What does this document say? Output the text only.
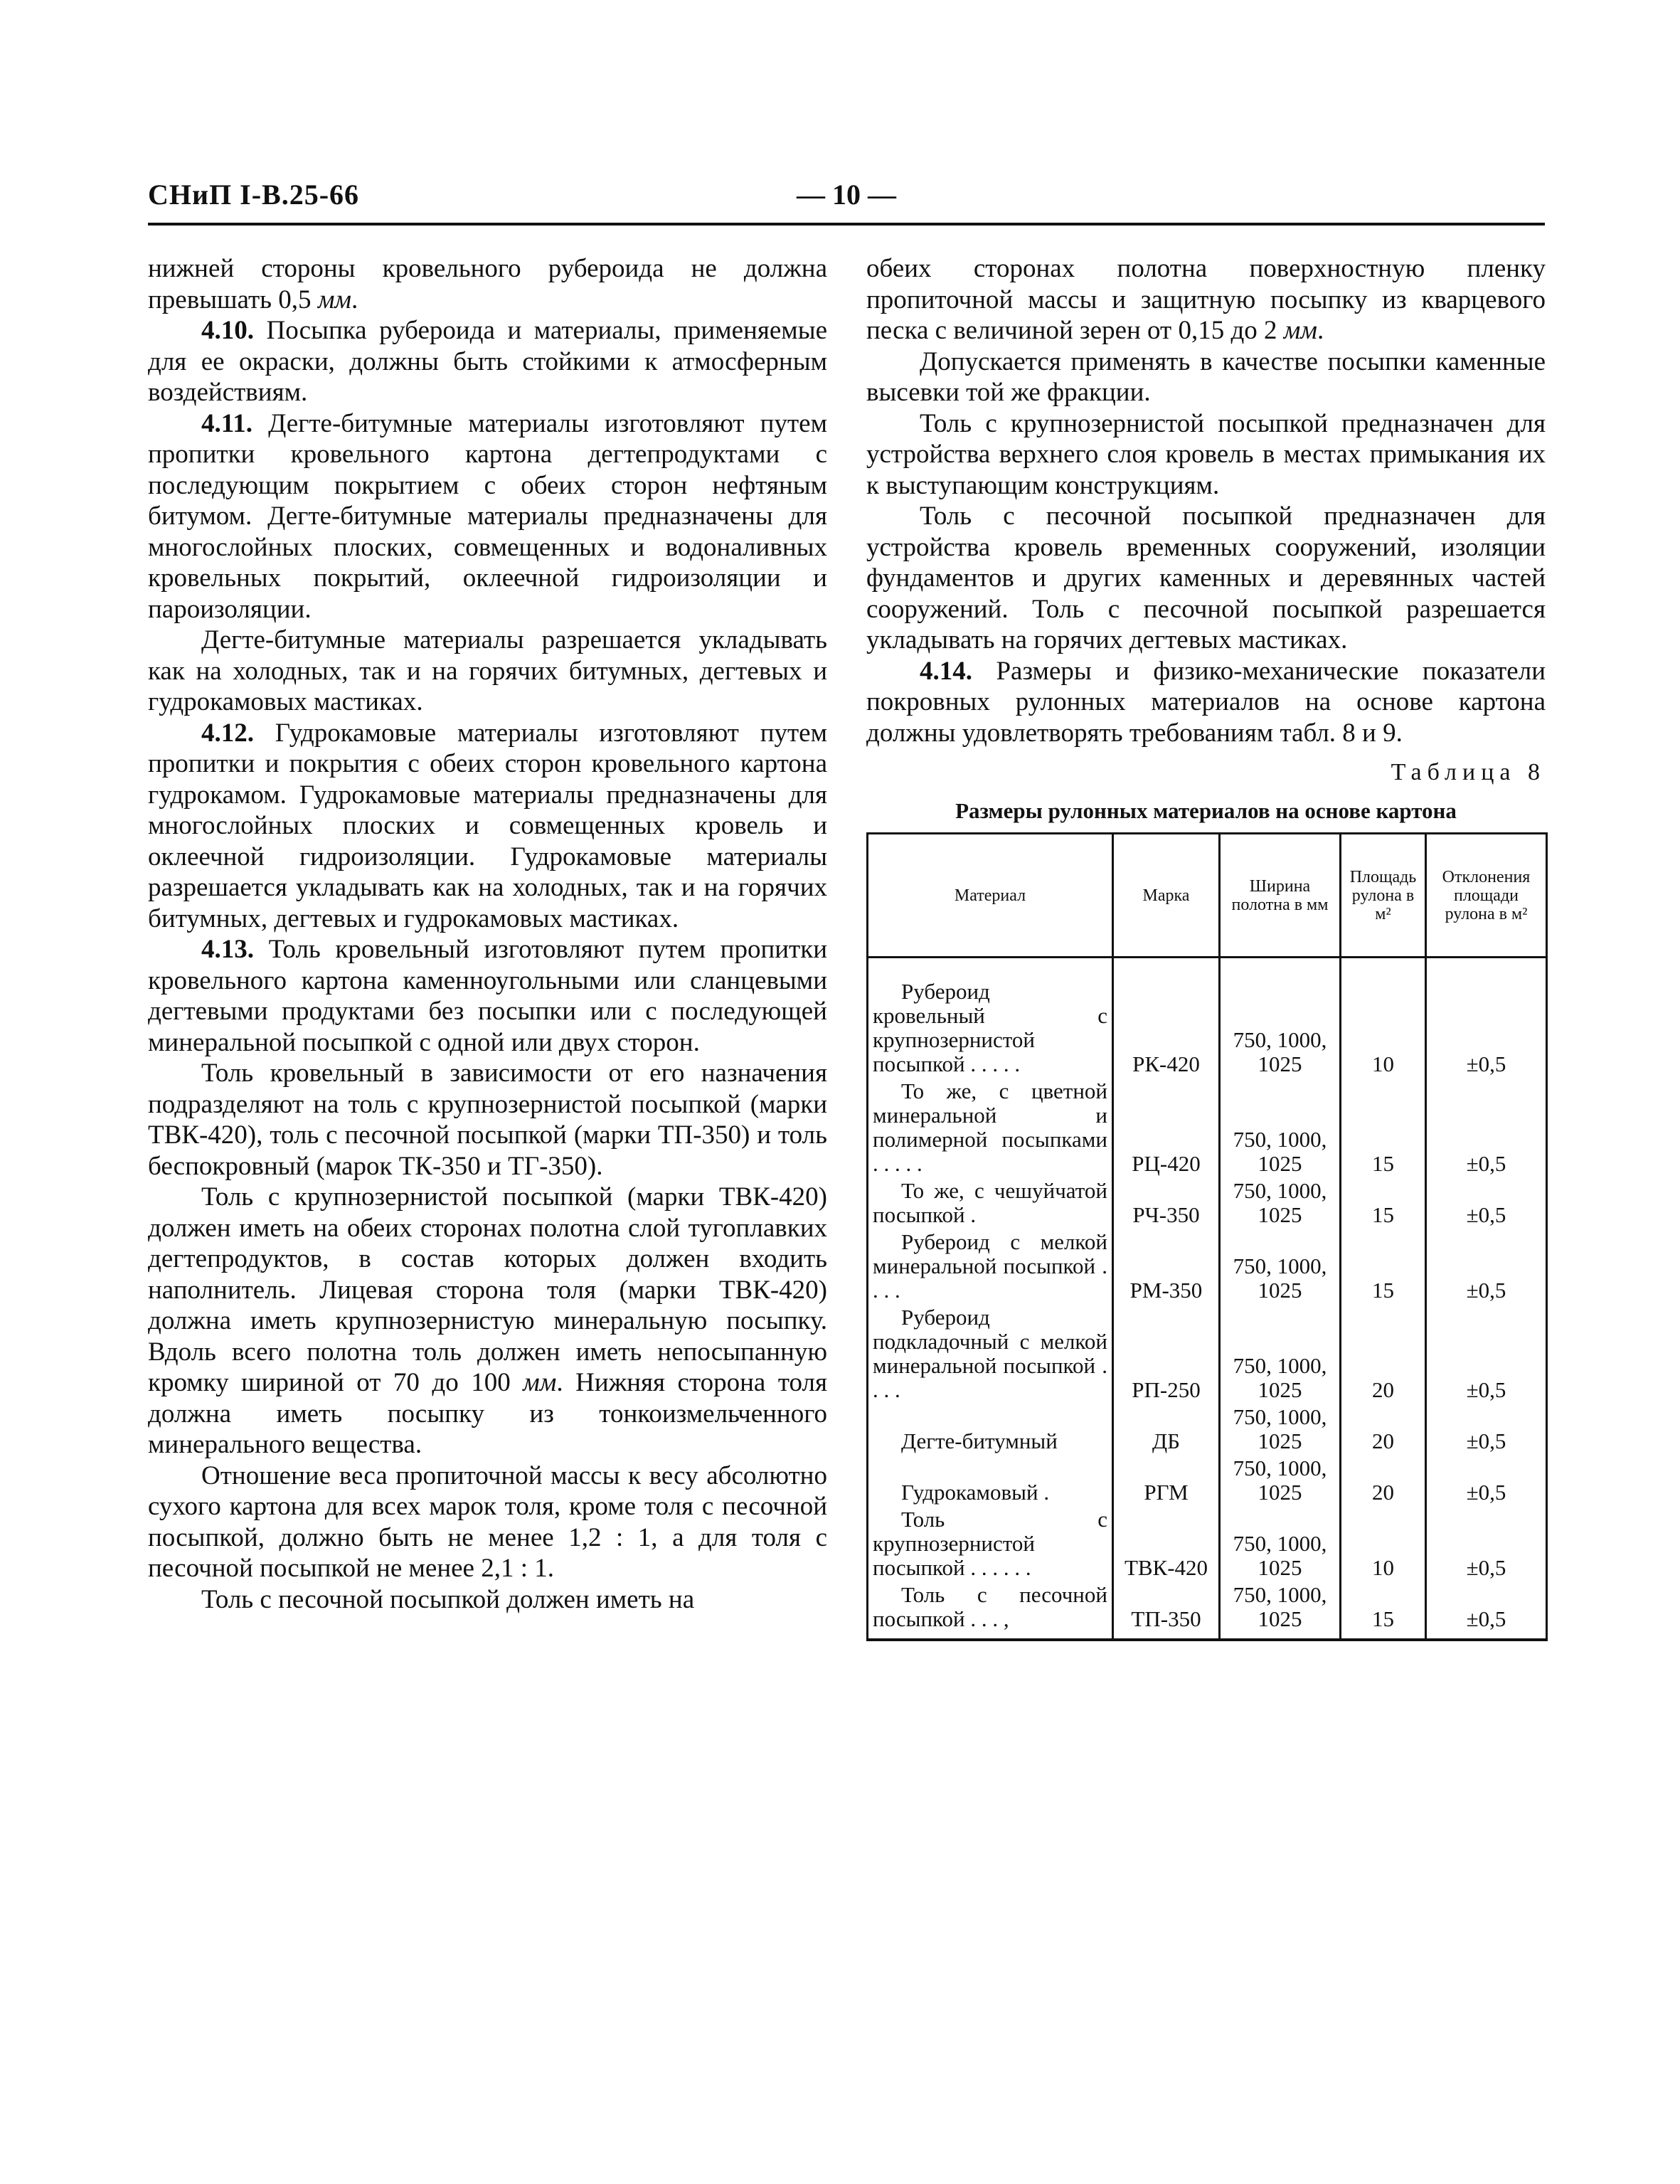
СНиП I-B.25-66	— 10 —

нижней стороны кровельного рубероида не должна превышать 0,5 мм.

4.10. Посыпка рубероида и материалы, применяемые для ее окраски, должны быть стойкими к атмосферным воздействиям.

4.11. Дегте-битумные материалы изготовляют путем пропитки кровельного картона дегтепродуктами с последующим покрытием с обеих сторон нефтяным битумом. Дегте-битумные материалы предназначены для многослойных плоских, совмещенных и водоналивных кровельных покрытий, оклеечной гидроизоляции и пароизоляции.

Дегте-битумные материалы разрешается укладывать как на холодных, так и на горячих битумных, дегтевых и гудрокамовых мастиках.

4.12. Гудрокамовые материалы изготовляют путем пропитки и покрытия с обеих сторон кровельного картона гудрокамом. Гудрокамовые материалы предназначены для многослойных плоских и совмещенных кровель и оклеечной гидроизоляции. Гудрокамовые материалы разрешается укладывать как на холодных, так и на горячих битумных, дегтевых и гудрокамовых мастиках.

4.13. Толь кровельный изготовляют путем пропитки кровельного картона каменноугольными или сланцевыми дегтевыми продуктами без посыпки или с последующей минеральной посыпкой с одной или двух сторон.

Толь кровельный в зависимости от его назначения подразделяют на толь с крупнозернистой посыпкой (марки ТВК-420), толь с песочной посыпкой (марки ТП-350) и толь беспокровный (марок ТК-350 и ТГ-350).

Толь с крупнозернистой посыпкой (марки ТВК-420) должен иметь на обеих сторонах полотна слой тугоплавких дегтепродуктов, в состав которых должен входить наполнитель. Лицевая сторона толя (марки ТВК-420) должна иметь крупнозернистую минеральную посыпку. Вдоль всего полотна толь должен иметь непосыпанную кромку шириной от 70 до 100 мм. Нижняя сторона толя должна иметь посыпку из тонкоизмельченного минерального вещества.

Отношение веса пропиточной массы к весу абсолютно сухого картона для всех марок толя, кроме толя с песочной посыпкой, должно быть не менее 1,2 : 1, а для толя с песочной посыпкой не менее 2,1 : 1.

Толь с песочной посыпкой должен иметь на

обеих сторонах полотна поверхностную пленку пропиточной массы и защитную посыпку из кварцевого песка с величиной зерен от 0,15 до 2 мм.

Допускается применять в качестве посыпки каменные высевки той же фракции.

Толь с крупнозернистой посыпкой предназначен для устройства верхнего слоя кровель в местах примыкания их к выступающим конструкциям.

Толь с песочной посыпкой предназначен для устройства кровель временных сооружений, изоляции фундаментов и других каменных и деревянных частей сооружений. Толь с песочной посыпкой разрешается укладывать на горячих дегтевых мастиках.

4.14. Размеры и физико-механические показатели покровных рулонных материалов на основе картона должны удовлетворять требованиям табл. 8 и 9.

Таблица 8
Размеры рулонных материалов на основе картона
Материал	Марка	Ширина полотна в мм	Площадь рулона в м²	Отклонения площади рулона в м²

Рубероид кровельный с крупнозернистой посыпкой . . . . .	РК-420	750, 1000, 1025	10	±0,5

То же, с цветной минеральной и полимерной посыпками . . . . .	РЦ-420	750, 1000, 1025	15	±0,5

То же, с чешуйчатой посыпкой .	РЧ-350	750, 1000, 1025	15	±0,5

Рубероид с мелкой минеральной посыпкой . . . .	РМ-350	750, 1000, 1025	15	±0,5

Рубероид подкладочный с мелкой минеральной посыпкой . . . .	РП-250	750, 1000, 1025	20	±0,5

Дегте-битумный	ДБ	750, 1000, 1025	20	±0,5

Гудрокамовый .	РГМ	750, 1000, 1025	20	±0,5

Толь с крупнозернистой посыпкой . . . . . .	ТВК-420	750, 1000, 1025	10	±0,5

Толь с песочной посыпкой . . . ,	ТП-350	750, 1000, 1025	15	±0,5
